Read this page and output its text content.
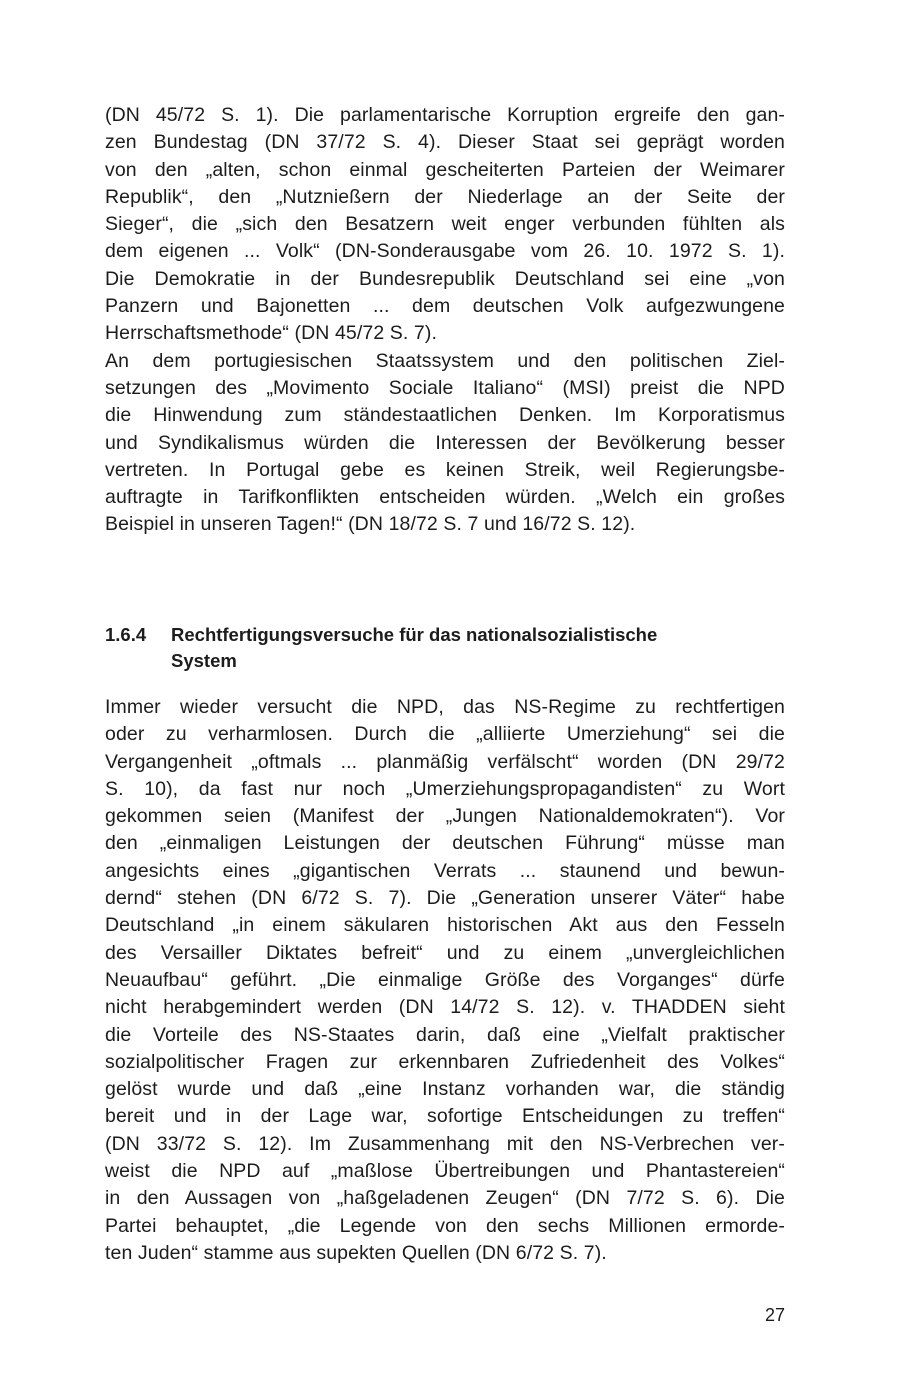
(DN 45/72 S. 1). Die parlamentarische Korruption ergreife den gan-
zen Bundestag (DN 37/72 S. 4). Dieser Staat sei geprägt worden
von den „alten, schon einmal gescheiterten Parteien der Weimarer
Republik“, den „Nutznießern der Niederlage an der Seite der
Sieger“, die „sich den Besatzern weit enger verbunden fühlten als
dem eigenen ... Volk“ (DN-Sonderausgabe vom 26. 10. 1972 S. 1).
Die Demokratie in der Bundesrepublik Deutschland sei eine „von
Panzern und Bajonetten ... dem deutschen Volk aufgezwungene
Herrschaftsmethode“ (DN 45/72 S. 7).
An dem portugiesischen Staatssystem und den politischen Ziel-
setzungen des „Movimento Sociale Italiano“ (MSI) preist die NPD
die Hinwendung zum ständestaatlichen Denken. Im Korporatismus
und Syndikalismus würden die Interessen der Bevölkerung besser
vertreten. In Portugal gebe es keinen Streik, weil Regierungsbe-
auftragte in Tarifkonflikten entscheiden würden. „Welch ein großes
Beispiel in unseren Tagen!“ (DN 18/72 S. 7 und 16/72 S. 12).
1.6.4 Rechtfertigungsversuche für das nationalsozialistische
System
Immer wieder versucht die NPD, das NS-Regime zu rechtfertigen
oder zu verharmlosen. Durch die „alliierte Umerziehung“ sei die
Vergangenheit „oftmals ... planmäßig verfälscht“ worden (DN 29/72
S. 10), da fast nur noch „Umerziehungspropagandisten“ zu Wort
gekommen seien (Manifest der „Jungen Nationaldemokraten“). Vor
den „einmaligen Leistungen der deutschen Führung“ müsse man
angesichts eines „gigantischen Verrats ... staunend und bewun-
dernd“ stehen (DN 6/72 S. 7). Die „Generation unserer Väter“ habe
Deutschland „in einem säkularen historischen Akt aus den Fesseln
des Versailler Diktates befreit“ und zu einem „unvergleichlichen
Neuaufbau“ geführt. „Die einmalige Größe des Vorganges“ dürfe
nicht herabgemindert werden (DN 14/72 S. 12). v. THADDEN sieht
die Vorteile des NS-Staates darin, daß eine „Vielfalt praktischer
sozialpolitischer Fragen zur erkennbaren Zufriedenheit des Volkes“
gelöst wurde und daß „eine Instanz vorhanden war, die ständig
bereit und in der Lage war, sofortige Entscheidungen zu treffen“
(DN 33/72 S. 12). Im Zusammenhang mit den NS-Verbrechen ver-
weist die NPD auf „maßlose Übertreibungen und Phantastereien“
in den Aussagen von „haßgeladenen Zeugen“ (DN 7/72 S. 6). Die
Partei behauptet, „die Legende von den sechs Millionen ermorde-
ten Juden“ stamme aus supekten Quellen (DN 6/72 S. 7).
27
